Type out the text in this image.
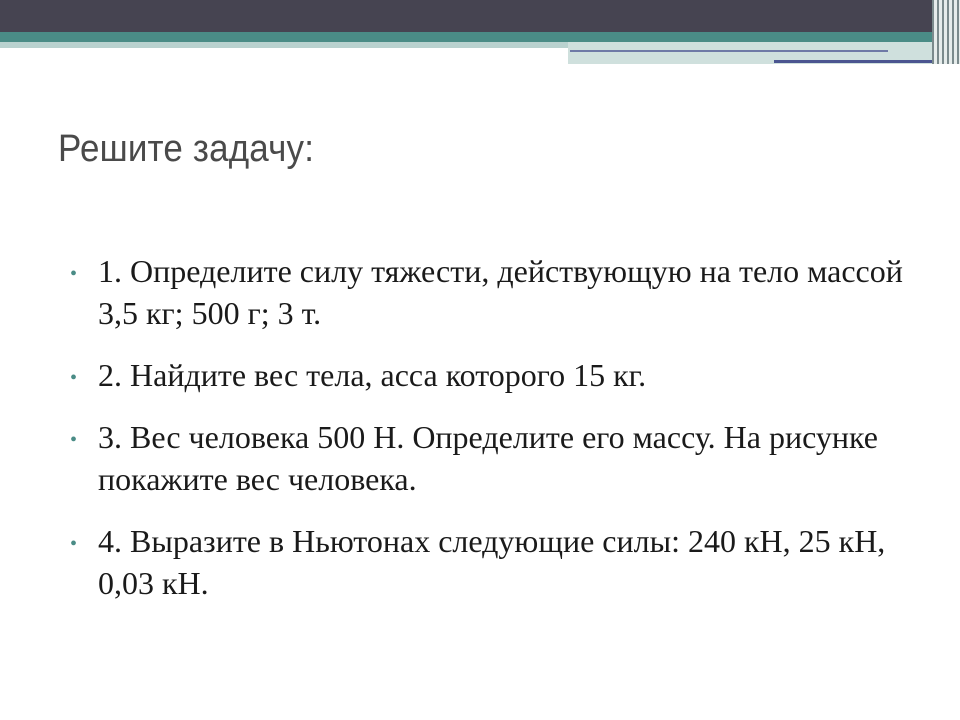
Решите задачу:
• 1. Определите силу тяжести, действующую на тело массой 3,5 кг; 500 г; 3 т.
• 2. Найдите вес тела, асса которого 15 кг.
• 3. Вес человека 500 Н. Определите его массу. На рисунке покажите вес человека.
• 4. Выразите в Ньютонах следующие силы: 240 кН, 25 кН, 0,03 кН.
